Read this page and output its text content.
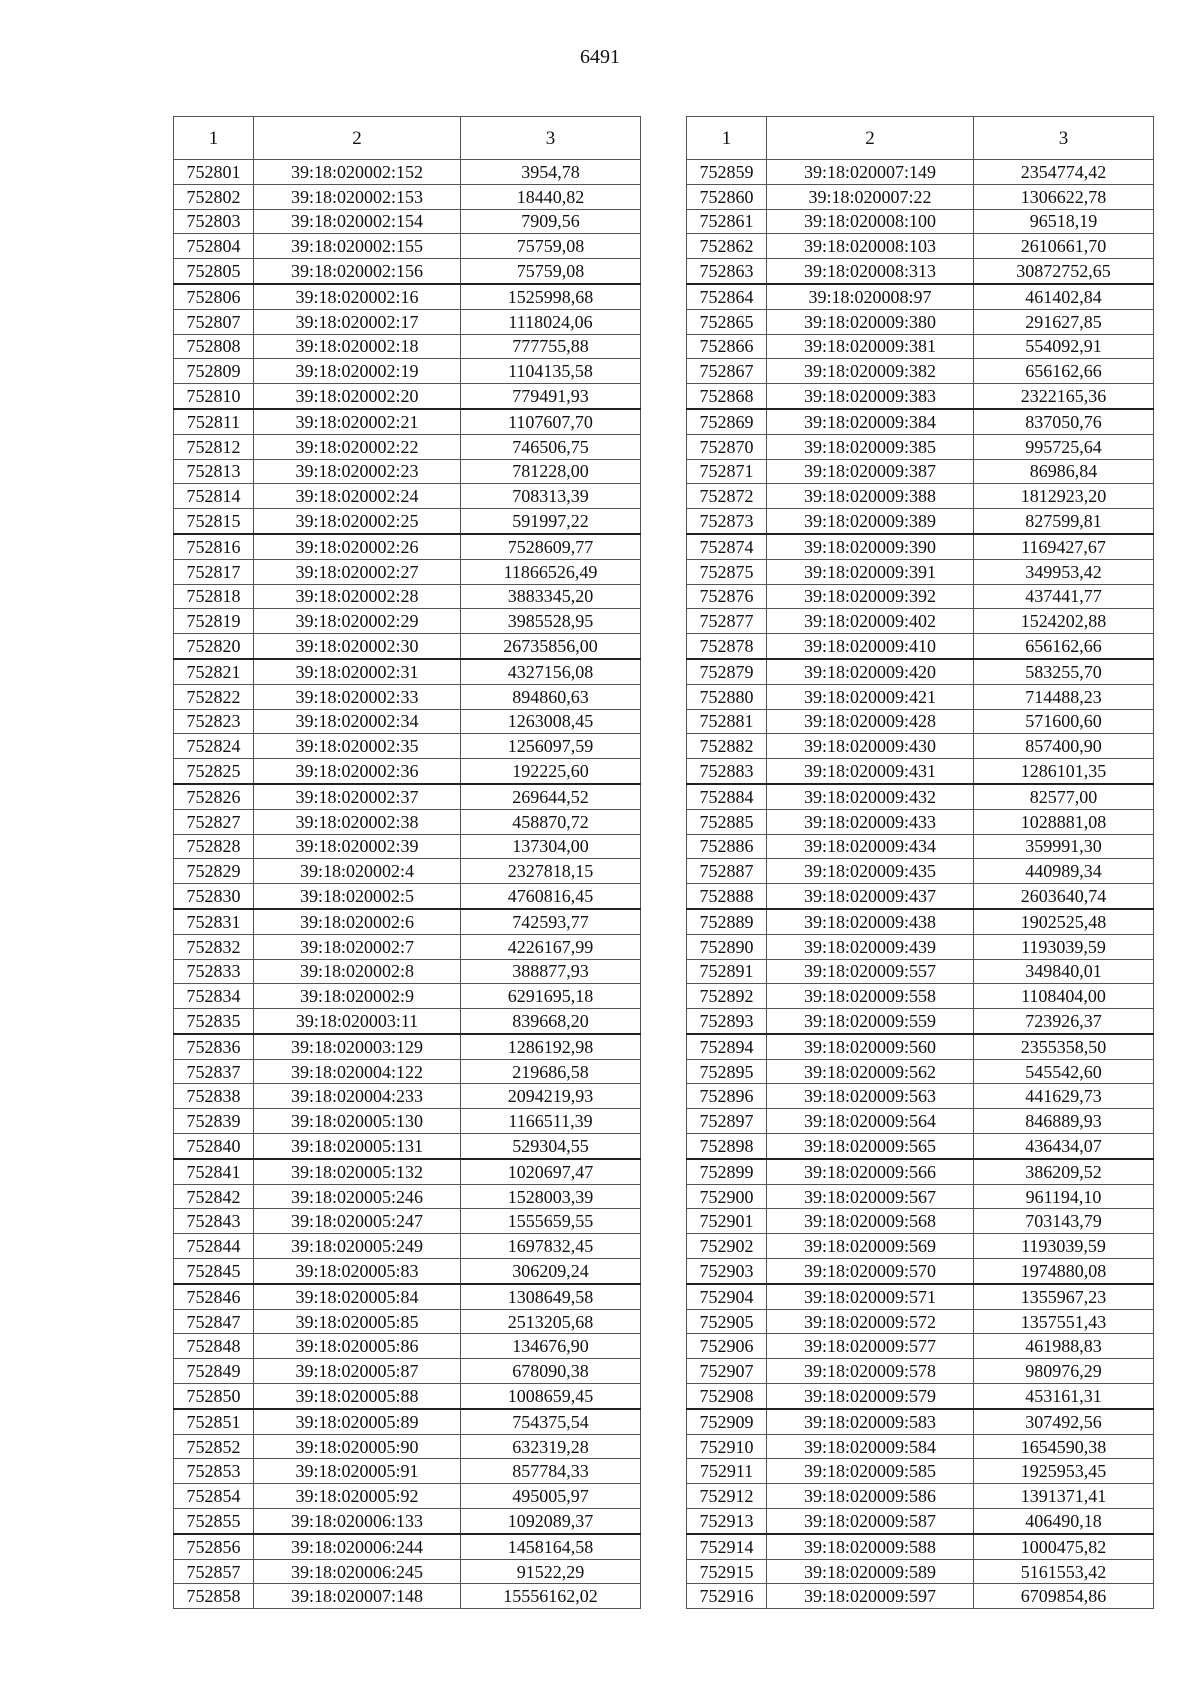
6491
1	2	3
752801	39:18:020002:152	3954,78
752802	39:18:020002:153	18440,82
752803	39:18:020002:154	7909,56
752804	39:18:020002:155	75759,08
752805	39:18:020002:156	75759,08
752806	39:18:020002:16	1525998,68
752807	39:18:020002:17	1118024,06
752808	39:18:020002:18	777755,88
752809	39:18:020002:19	1104135,58
752810	39:18:020002:20	779491,93
752811	39:18:020002:21	1107607,70
752812	39:18:020002:22	746506,75
752813	39:18:020002:23	781228,00
752814	39:18:020002:24	708313,39
752815	39:18:020002:25	591997,22
752816	39:18:020002:26	7528609,77
752817	39:18:020002:27	11866526,49
752818	39:18:020002:28	3883345,20
752819	39:18:020002:29	3985528,95
752820	39:18:020002:30	26735856,00
752821	39:18:020002:31	4327156,08
752822	39:18:020002:33	894860,63
752823	39:18:020002:34	1263008,45
752824	39:18:020002:35	1256097,59
752825	39:18:020002:36	192225,60
752826	39:18:020002:37	269644,52
752827	39:18:020002:38	458870,72
752828	39:18:020002:39	137304,00
752829	39:18:020002:4	2327818,15
752830	39:18:020002:5	4760816,45
752831	39:18:020002:6	742593,77
752832	39:18:020002:7	4226167,99
752833	39:18:020002:8	388877,93
752834	39:18:020002:9	6291695,18
752835	39:18:020003:11	839668,20
752836	39:18:020003:129	1286192,98
752837	39:18:020004:122	219686,58
752838	39:18:020004:233	2094219,93
752839	39:18:020005:130	1166511,39
752840	39:18:020005:131	529304,55
752841	39:18:020005:132	1020697,47
752842	39:18:020005:246	1528003,39
752843	39:18:020005:247	1555659,55
752844	39:18:020005:249	1697832,45
752845	39:18:020005:83	306209,24
752846	39:18:020005:84	1308649,58
752847	39:18:020005:85	2513205,68
752848	39:18:020005:86	134676,90
752849	39:18:020005:87	678090,38
752850	39:18:020005:88	1008659,45
752851	39:18:020005:89	754375,54
752852	39:18:020005:90	632319,28
752853	39:18:020005:91	857784,33
752854	39:18:020005:92	495005,97
752855	39:18:020006:133	1092089,37
752856	39:18:020006:244	1458164,58
752857	39:18:020006:245	91522,29
752858	39:18:020007:148	15556162,02
1	2	3
752859	39:18:020007:149	2354774,42
752860	39:18:020007:22	1306622,78
752861	39:18:020008:100	96518,19
752862	39:18:020008:103	2610661,70
752863	39:18:020008:313	30872752,65
752864	39:18:020008:97	461402,84
752865	39:18:020009:380	291627,85
752866	39:18:020009:381	554092,91
752867	39:18:020009:382	656162,66
752868	39:18:020009:383	2322165,36
752869	39:18:020009:384	837050,76
752870	39:18:020009:385	995725,64
752871	39:18:020009:387	86986,84
752872	39:18:020009:388	1812923,20
752873	39:18:020009:389	827599,81
752874	39:18:020009:390	1169427,67
752875	39:18:020009:391	349953,42
752876	39:18:020009:392	437441,77
752877	39:18:020009:402	1524202,88
752878	39:18:020009:410	656162,66
752879	39:18:020009:420	583255,70
752880	39:18:020009:421	714488,23
752881	39:18:020009:428	571600,60
752882	39:18:020009:430	857400,90
752883	39:18:020009:431	1286101,35
752884	39:18:020009:432	82577,00
752885	39:18:020009:433	1028881,08
752886	39:18:020009:434	359991,30
752887	39:18:020009:435	440989,34
752888	39:18:020009:437	2603640,74
752889	39:18:020009:438	1902525,48
752890	39:18:020009:439	1193039,59
752891	39:18:020009:557	349840,01
752892	39:18:020009:558	1108404,00
752893	39:18:020009:559	723926,37
752894	39:18:020009:560	2355358,50
752895	39:18:020009:562	545542,60
752896	39:18:020009:563	441629,73
752897	39:18:020009:564	846889,93
752898	39:18:020009:565	436434,07
752899	39:18:020009:566	386209,52
752900	39:18:020009:567	961194,10
752901	39:18:020009:568	703143,79
752902	39:18:020009:569	1193039,59
752903	39:18:020009:570	1974880,08
752904	39:18:020009:571	1355967,23
752905	39:18:020009:572	1357551,43
752906	39:18:020009:577	461988,83
752907	39:18:020009:578	980976,29
752908	39:18:020009:579	453161,31
752909	39:18:020009:583	307492,56
752910	39:18:020009:584	1654590,38
752911	39:18:020009:585	1925953,45
752912	39:18:020009:586	1391371,41
752913	39:18:020009:587	406490,18
752914	39:18:020009:588	1000475,82
752915	39:18:020009:589	5161553,42
752916	39:18:020009:597	6709854,86
